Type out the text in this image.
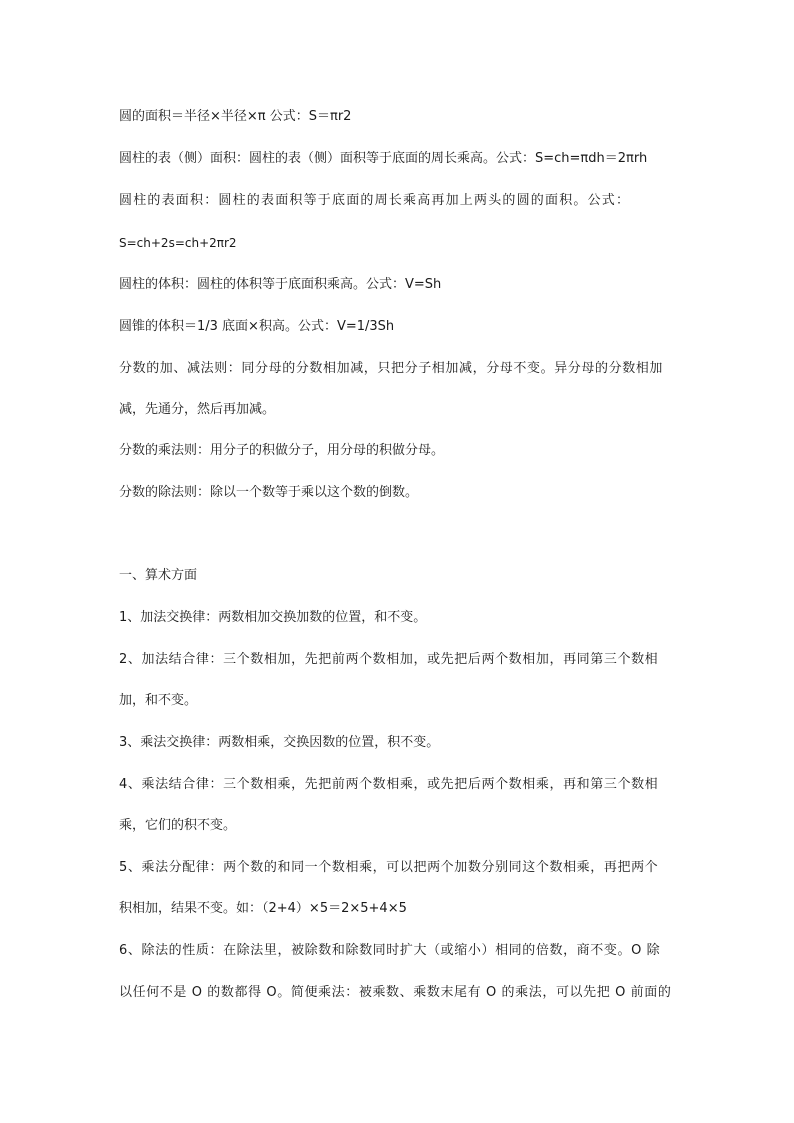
圆的面积＝半径×半径×π 公式：S＝πr2
圆柱的表（侧）面积：圆柱的表（侧）面积等于底面的周长乘高。公式：S=ch=πdh＝2πrh
圆柱的表面积：圆柱的表面积等于底面的周长乘高再加上两头的圆的面积。公式：
S=ch+2s=ch+2πr2
圆柱的体积：圆柱的体积等于底面积乘高。公式：V=Sh
圆锥的体积＝1/3 底面×积高。公式：V=1/3Sh
分数的加、减法则：同分母的分数相加减，只把分子相加减，分母不变。异分母的分数相加
减，先通分，然后再加减。
分数的乘法则：用分子的积做分子，用分母的积做分母。
分数的除法则：除以一个数等于乘以这个数的倒数。
一、算术方面
1、加法交换律：两数相加交换加数的位置，和不变。
2、加法结合律：三个数相加，先把前两个数相加，或先把后两个数相加，再同第三个数相
加，和不变。
3、乘法交换律：两数相乘，交换因数的位置，积不变。
4、乘法结合律：三个数相乘，先把前两个数相乘，或先把后两个数相乘，再和第三个数相
乘，它们的积不变。
5、乘法分配律：两个数的和同一个数相乘，可以把两个加数分别同这个数相乘，再把两个
积相加，结果不变。如：（2+4）×5＝2×5+4×5
6、除法的性质：在除法里，被除数和除数同时扩大（或缩小）相同的倍数，商不变。O 除
以任何不是 O 的数都得 O。简便乘法：被乘数、乘数末尾有 O 的乘法，可以先把 O 前面的
